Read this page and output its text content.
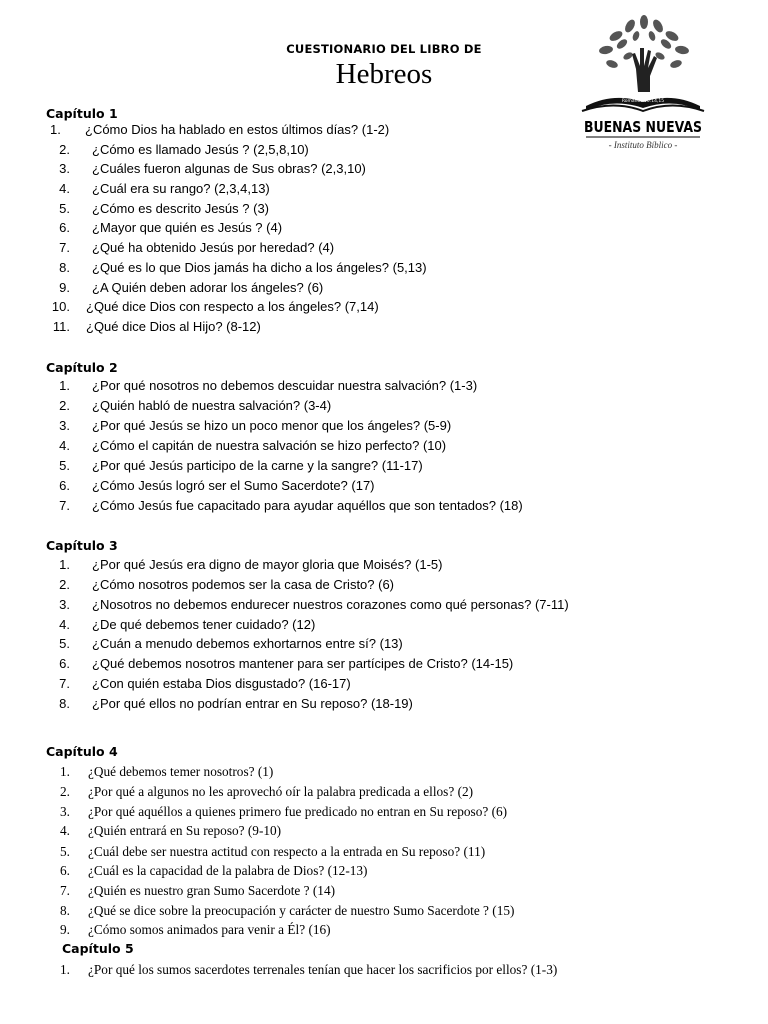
CUESTIONARIO DEL LIBRO DE
Hebreos
Romanos 10:14,15
BUENAS NUEVAS
- Instituto Bíblico -
Capítulo 1
1. ¿Cómo Dios ha hablado en estos últimos días? (1-2)
2. ¿Cómo es llamado Jesús ? (2,5,8,10)
3. ¿Cuáles fueron algunas de Sus obras? (2,3,10)
4. ¿Cuál era su rango? (2,3,4,13)
5. ¿Cómo es descrito Jesús ? (3)
6. ¿Mayor que quién es Jesús ? (4)
7. ¿Qué ha obtenido Jesús por heredad? (4)
8. ¿Qué es lo que Dios jamás ha dicho a los ángeles? (5,13)
9. ¿A Quién deben adorar los ángeles? (6)
10. ¿Qué dice Dios con respecto a los ángeles? (7,14)
11. ¿Qué dice Dios al Hijo? (8-12)
Capítulo 2
1. ¿Por qué nosotros no debemos descuidar nuestra salvación? (1-3)
2. ¿Quién habló de nuestra salvación? (3-4)
3. ¿Por qué Jesús se hizo un poco menor que los ángeles? (5-9)
4. ¿Cómo el capitán de nuestra salvación se hizo perfecto? (10)
5. ¿Por qué Jesús participo de la carne y la sangre? (11-17)
6. ¿Cómo Jesús logró ser el Sumo Sacerdote? (17)
7. ¿Cómo Jesús fue capacitado para ayudar aquéllos que son tentados? (18)
Capítulo 3
1. ¿Por qué Jesús era digno de mayor gloria que Moisés? (1-5)
2. ¿Cómo nosotros podemos ser la casa de Cristo? (6)
3. ¿Nosotros no debemos endurecer nuestros corazones como qué personas? (7-11)
4. ¿De qué debemos tener cuidado? (12)
5. ¿Cuán a menudo debemos exhortarnos entre sí? (13)
6. ¿Qué debemos nosotros mantener para ser partícipes de Cristo? (14-15)
7. ¿Con quién estaba Dios disgustado? (16-17)
8. ¿Por qué ellos no podrían entrar en Su reposo? (18-19)
Capítulo 4
1. ¿Qué debemos temer nosotros? (1)
2. ¿Por qué a algunos no les aprovechó oír la palabra predicada a ellos? (2)
3. ¿Por qué aquéllos a quienes primero fue predicado no entran en Su reposo? (6)
4. ¿Quién entrará en Su reposo? (9-10)
5. ¿Cuál debe ser nuestra actitud con respecto a la entrada en Su reposo? (11)
6. ¿Cuál es la capacidad de la palabra de Dios? (12-13)
7. ¿Quién es nuestro gran Sumo Sacerdote ? (14)
8. ¿Qué se dice sobre la preocupación y carácter de nuestro Sumo Sacerdote ? (15)
9. ¿Cómo somos animados para venir a Él? (16)
Capítulo 5
1. ¿Por qué los sumos sacerdotes terrenales tenían que hacer los sacrificios por ellos? (1-3)
